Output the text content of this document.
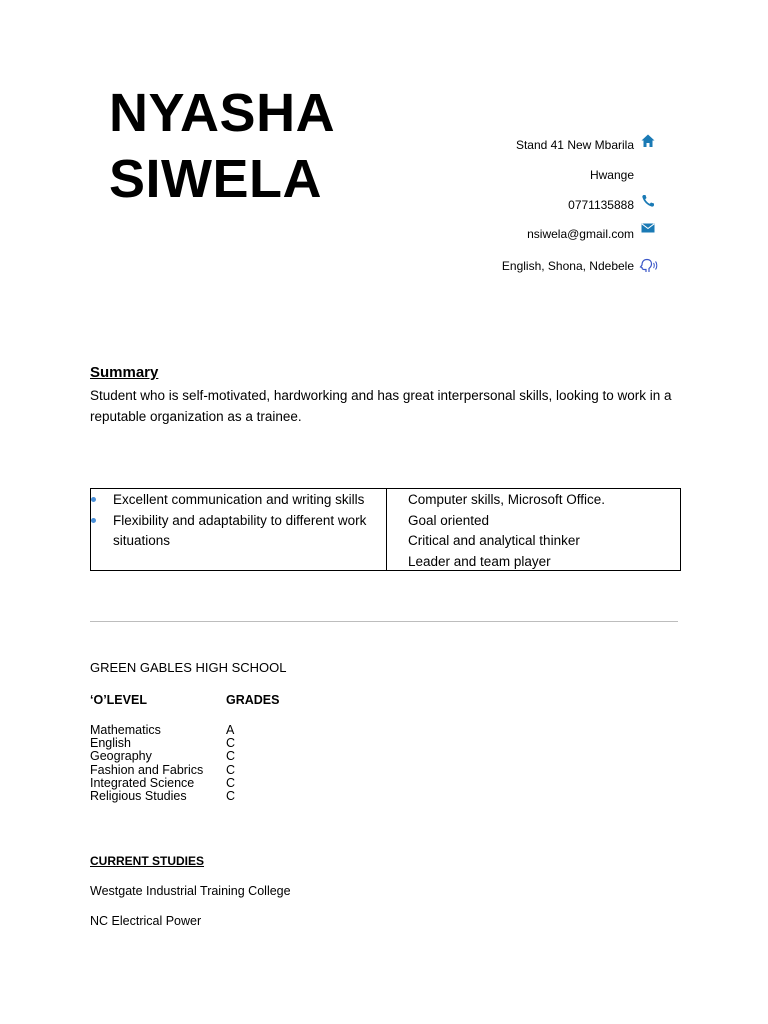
NYASHA
SIWELA
Stand 41 New Mbarila
Hwange
0771135888
nsiwela@gmail.com
English, Shona, Ndebele
Summary
Student who is self-motivated, hardworking and has great interpersonal skills, looking to work in a reputable organization as a trainee.
Excellent communication and writing skills
Flexibility and adaptability to different work situations
Computer skills, Microsoft Office.
Goal oriented
Critical and analytical thinker
Leader and team player
GREEN GABLES HIGH SCHOOL
‘O’LEVEL	GRADES
Mathematics
English
Geography
Fashion and Fabrics
Integrated Science
Religious Studies
A
C
C
C
C
C
CURRENT STUDIES
Westgate Industrial Training College
NC Electrical Power
